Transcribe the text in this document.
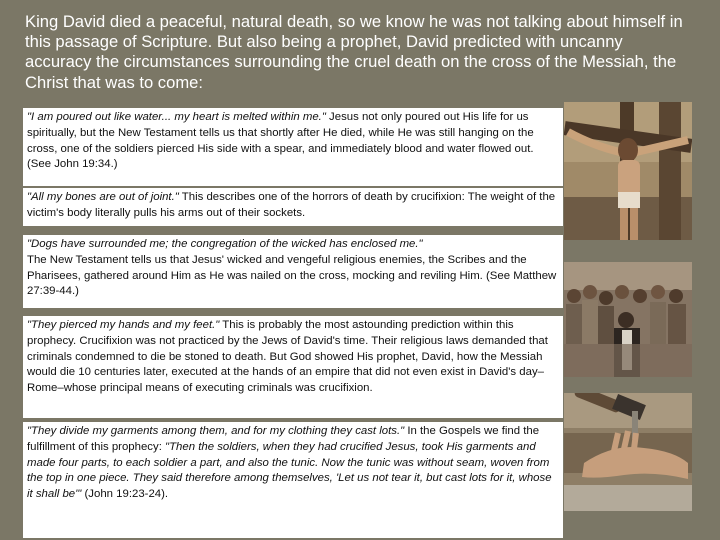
King David died a peaceful, natural death, so we know he was not talking about himself in this passage of Scripture. But also being a prophet, David predicted with uncanny accuracy the circumstances surrounding the cruel death on the cross of the Messiah, the Christ that was to come:

"I am poured out like water... my heart is melted within me." Jesus not only poured out His life for us spiritually, but the New Testament tells us that shortly after He died, while He was still hanging on the cross, one of the soldiers pierced His side with a spear, and immediately blood and water flowed out. (See John 19:34.)
"All my bones are out of joint." This describes one of the horrors of death by crucifixion: The weight of the victim's body literally pulls his arms out of their sockets.
"Dogs have surrounded me; the congregation of the wicked has enclosed me."
The New Testament tells us that Jesus' wicked and vengeful religious enemies, the Scribes and the Pharisees, gathered around Him as He was nailed on the cross, mocking and reviling Him. (See Matthew 27:39-44.)
"They pierced my hands and my feet." This is probably the most astounding prediction within this prophecy. Crucifixion was not practiced by the Jews of David's time. Their religious laws demanded that criminals condemned to die be stoned to death. But God showed His prophet, David, how the Messiah would die 10 centuries later, executed at the hands of an empire that did not even exist in David's day–Rome–whose principal means of executing criminals was crucifixion.
"They divide my garments among them, and for my clothing they cast lots." In the Gospels we find the fulfillment of this prophecy: "Then the soldiers, when they had crucified Jesus, took His garments and made four parts, to each soldier a part, and also the tunic. Now the tunic was without seam, woven from the top in one piece. They said therefore among themselves, 'Let us not tear it, but cast lots for it, whose it shall be'" (John 19:23-24).
